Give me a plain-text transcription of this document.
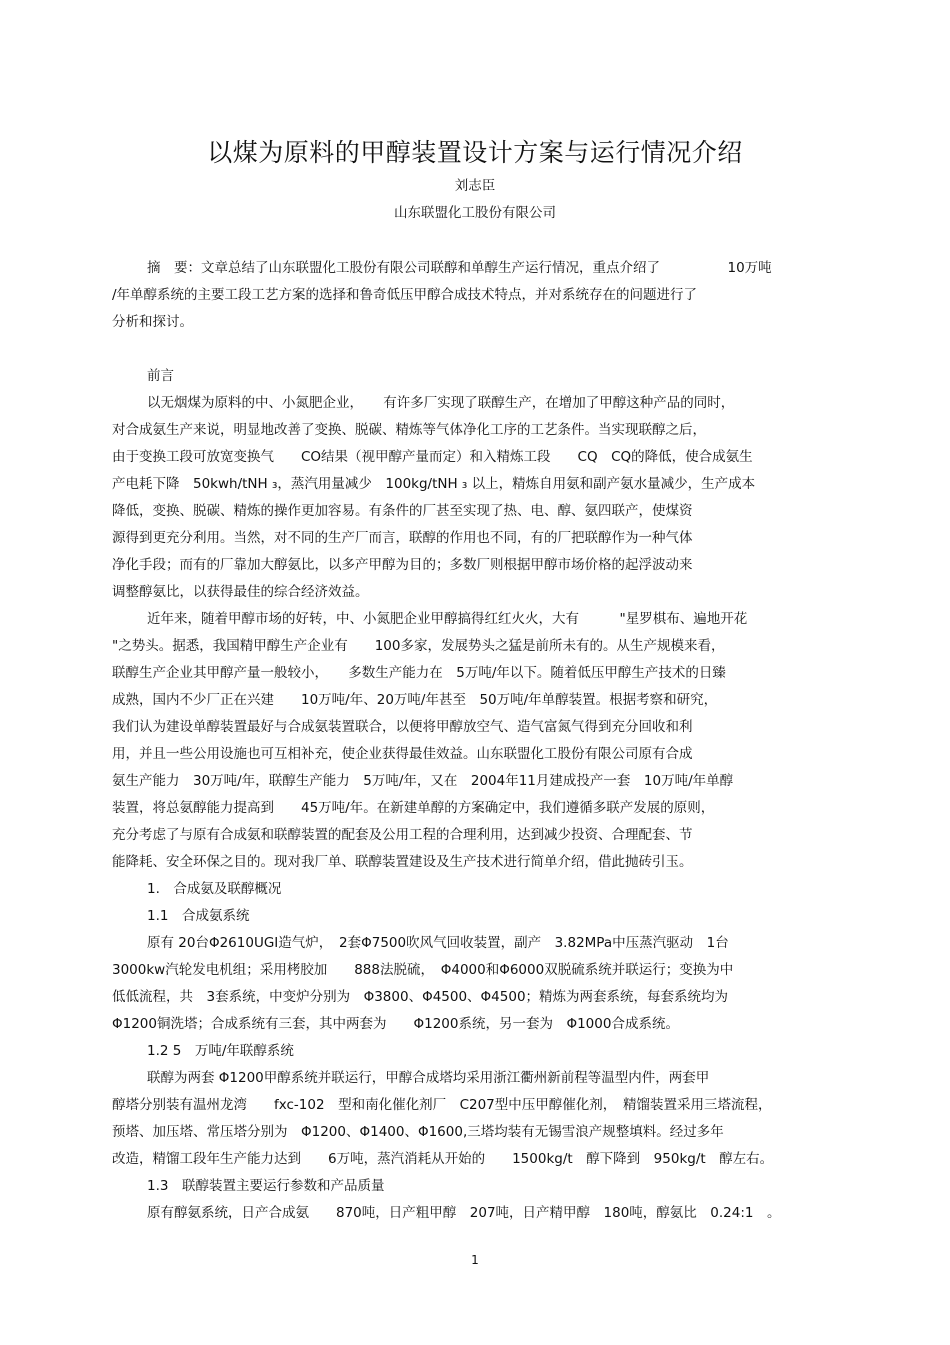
以煤为原料的甲醇装置设计方案与运行情况介绍
刘志臣
山东联盟化工股份有限公司
摘　要：文章总结了山东联盟化工股份有限公司联醇和单醇生产运行情况，重点介绍了　　　　　10万吨
/年单醇系统的主要工段工艺方案的选择和鲁奇低压甲醇合成技术特点，并对系统存在的问题进行了
分析和探讨。
前言
以无烟煤为原料的中、小氮肥企业，　　有许多厂实现了联醇生产，在增加了甲醇这种产品的同时，
对合成氨生产来说，明显地改善了变换、脱碳、精炼等气体净化工序的工艺条件。当实现联醇之后，
由于变换工段可放宽变换气　　CO结果（视甲醇产量而定）和入精炼工段　　CQ　CQ的降低，使合成氨生
产电耗下降　50kwh/tNH ₃，蒸汽用量减少　100kg/tNH ₃ 以上，精炼自用氨和副产氨水量减少，生产成本
降低，变换、脱碳、精炼的操作更加容易。有条件的厂甚至实现了热、电、醇、氨四联产，使煤资
源得到更充分利用。当然，对不同的生产厂而言，联醇的作用也不同，有的厂把联醇作为一种气体
净化手段；而有的厂靠加大醇氨比，以多产甲醇为目的；多数厂则根据甲醇市场价格的起浮波动来
调整醇氨比，以获得最佳的综合经济效益。
近年来，随着甲醇市场的好转，中、小氮肥企业甲醇搞得红红火火，大有　　　"星罗棋布、遍地开花
"之势头。据悉，我国精甲醇生产企业有　　100多家，发展势头之猛是前所未有的。从生产规模来看，
联醇生产企业其甲醇产量一般较小，　　多数生产能力在　5万吨/年以下。随着低压甲醇生产技术的日臻
成熟，国内不少厂正在兴建　　10万吨/年、20万吨/年甚至　50万吨/年单醇装置。根据考察和研究，
我们认为建设单醇装置最好与合成氨装置联合，以便将甲醇放空气、造气富氮气得到充分回收和利
用，并且一些公用设施也可互相补充，使企业获得最佳效益。山东联盟化工股份有限公司原有合成
氨生产能力　30万吨/年，联醇生产能力　5万吨/年，又在　2004年11月建成投产一套　10万吨/年单醇
装置，将总氨醇能力提高到　　45万吨/年。在新建单醇的方案确定中，我们遵循多联产发展的原则，
充分考虑了与原有合成氨和联醇装置的配套及公用工程的合理利用，达到减少投资、合理配套、节
能降耗、安全环保之目的。现对我厂单、联醇装置建设及生产技术进行简单介绍，借此抛砖引玉。
1.　合成氨及联醇概况
1.1　合成氨系统
原有 20台Φ2610UGI造气炉，　2套Φ7500吹风气回收装置，副产　3.82MPa中压蒸汽驱动　1台
3000kw汽轮发电机组；采用栲胶加　　888法脱硫，　Φ4000和Φ6000双脱硫系统并联运行；变换为中
低低流程，共　3套系统，中变炉分别为　Φ3800、Φ4500、Φ4500；精炼为两套系统，每套系统均为
Φ1200铜洗塔；合成系统有三套，其中两套为　　Φ1200系统，另一套为　Φ1000合成系统。
1.2 5　万吨/年联醇系统
联醇为两套 Φ1200甲醇系统并联运行，甲醇合成塔均采用浙江衢州新前程等温型内件，两套甲
醇塔分别装有温州龙湾　　fxc-102　型和南化催化剂厂　C207型中压甲醇催化剂，　精馏装置采用三塔流程，
预塔、加压塔、常压塔分别为　Φ1200、Φ1400、Φ1600,三塔均装有无锡雪浪产规整填料。经过多年
改造，精馏工段年生产能力达到　　6万吨，蒸汽消耗从开始的　　1500kg/t　醇下降到　950kg/t　醇左右。
1.3　联醇装置主要运行参数和产品质量
原有醇氨系统，日产合成氨　　870吨，日产粗甲醇　207吨，日产精甲醇　180吨，醇氨比　0.24:1　。
1
